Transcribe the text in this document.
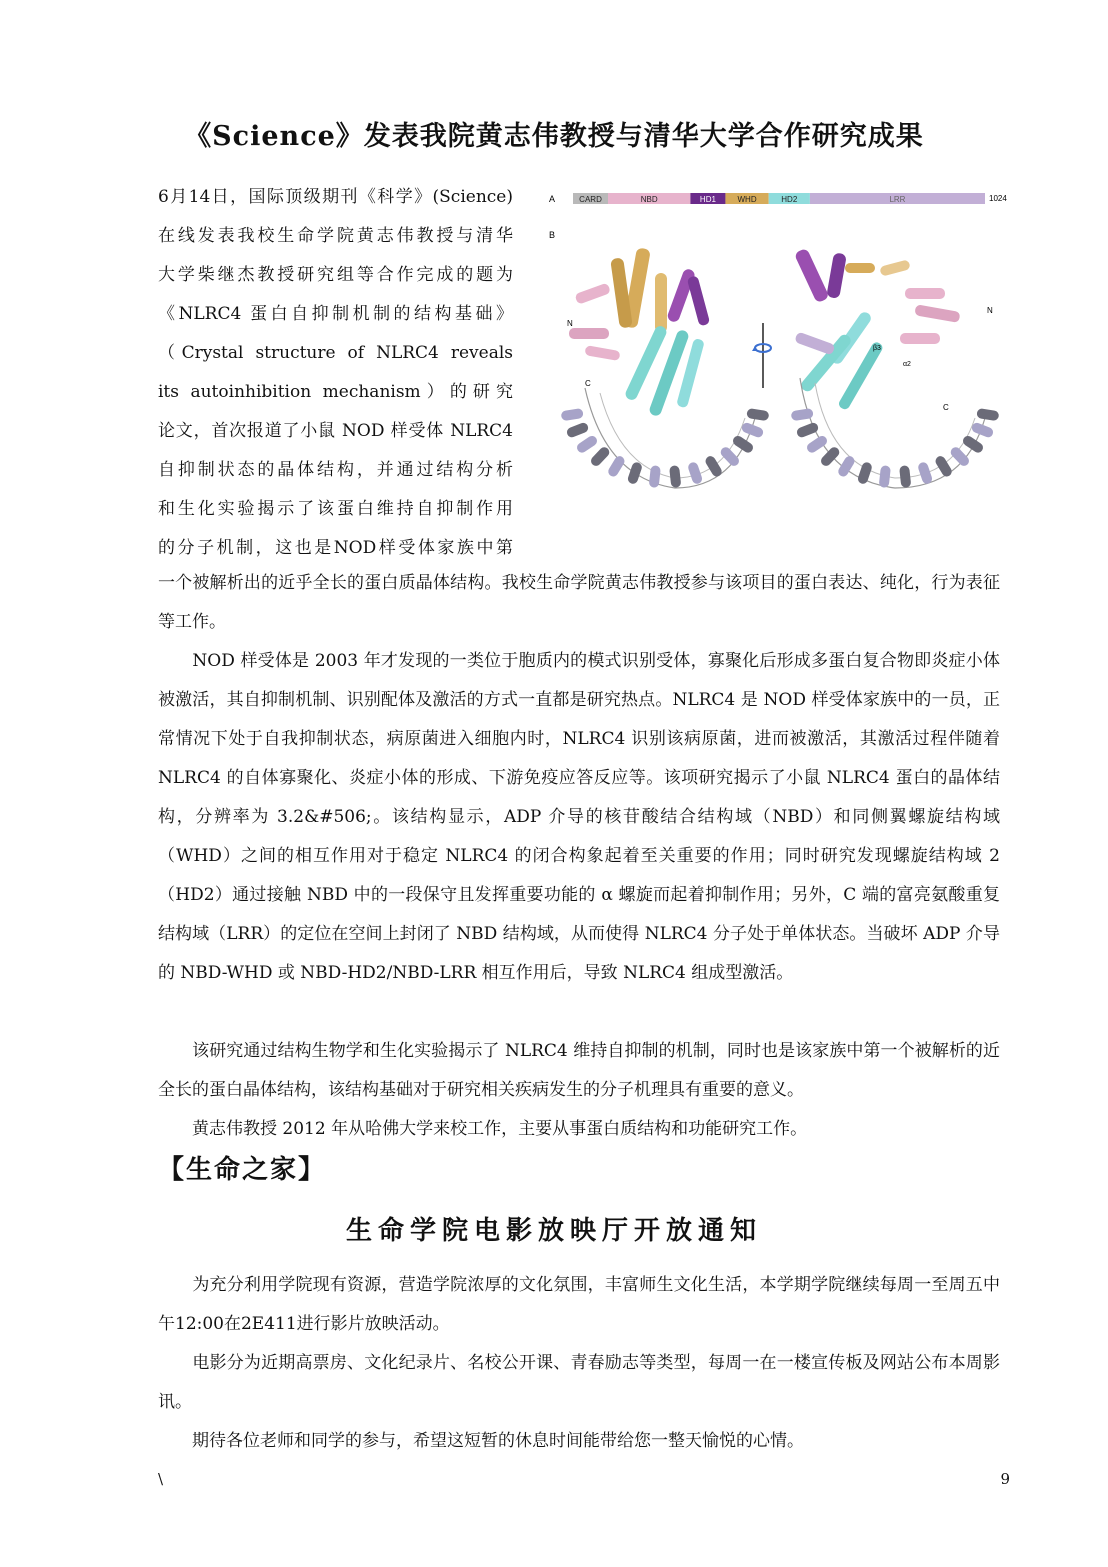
《Science》发表我院黄志伟教授与清华大学合作研究成果

6月14日，国际顶级期刊《科学》(Science)
在线发表我校生命学院黄志伟教授与清华
大学柴继杰教授研究组等合作完成的题为
《NLRC4 蛋白自抑制机制的结构基础》
（Crystal structure of NLRC4 reveals
its autoinhibition mechanism）的研究
论文，首次报道了小鼠 NOD 样受体 NLRC4
自抑制状态的晶体结构，并通过结构分析
和生化实验揭示了该蛋白维持自抑制作用
的分子机制，这也是NOD样受体家族中第

A
B
CARD	NBD	HD1	WHD	HD2	LRR	1024
N
C
N
C
β3
α2

一个被解析出的近乎全长的蛋白质晶体结构。我校生命学院黄志伟教授参与该项目的蛋白表达、纯化，行为表征等工作。

　　NOD 样受体是 2003 年才发现的一类位于胞质内的模式识别受体，寡聚化后形成多蛋白复合物即炎症小体被激活，其自抑制机制、识别配体及激活的方式一直都是研究热点。NLRC4 是 NOD 样受体家族中的一员，正常情况下处于自我抑制状态，病原菌进入细胞内时，NLRC4 识别该病原菌，进而被激活，其激活过程伴随着 NLRC4 的自体寡聚化、炎症小体的形成、下游免疫应答反应等。该项研究揭示了小鼠 NLRC4 蛋白的晶体结构，分辨率为 3.2&#506;。该结构显示，ADP 介导的核苷酸结合结构域（NBD）和同侧翼螺旋结构域（WHD）之间的相互作用对于稳定 NLRC4 的闭合构象起着至关重要的作用；同时研究发现螺旋结构域 2（HD2）通过接触 NBD 中的一段保守且发挥重要功能的 α 螺旋而起着抑制作用；另外，C 端的富亮氨酸重复结构域（LRR）的定位在空间上封闭了 NBD 结构域，从而使得 NLRC4 分子处于单体状态。当破坏 ADP 介导的 NBD-WHD 或 NBD-HD2/NBD-LRR 相互作用后，导致 NLRC4 组成型激活。

　　该研究通过结构生物学和生化实验揭示了 NLRC4 维持自抑制的机制，同时也是该家族中第一个被解析的近全长的蛋白晶体结构，该结构基础对于研究相关疾病发生的分子机理具有重要的意义。

　　黄志伟教授 2012 年从哈佛大学来校工作，主要从事蛋白质结构和功能研究工作。

【生命之家】
生命学院电影放映厅开放通知

　　为充分利用学院现有资源，营造学院浓厚的文化氛围，丰富师生文化生活，本学期学院继续每周一至周五中午12:00在2E411进行影片放映活动。

　　电影分为近期高票房、文化纪录片、名校公开课、青春励志等类型，每周一在一楼宣传板及网站公布本周影讯。

　　期待各位老师和同学的参与，希望这短暂的休息时间能带给您一整天愉悦的心情。

\	9
